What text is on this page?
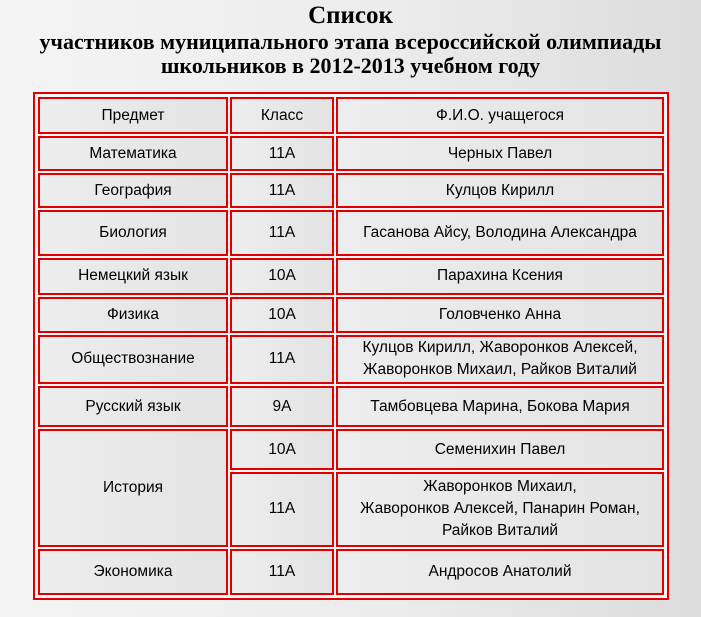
Список
участников муниципального этапа всероссийской олимпиады
школьников в 2012-2013 учебном году
Предмет	Класс	Ф.И.О. учащегося
Математика	11А	Черных Павел
География	11А	Кулцов Кирилл
Биология	11А	Гасанова Айсу, Володина Александра
Немецкий язык	10А	Парахина Ксения
Физика	10А	Головченко Анна
Обществознание	11А	Кулцов Кирилл, Жаворонков Алексей,
Жаворонков Михаил, Райков Виталий

Русский язык	9А	Тамбовцева Марина, Бокова Мария
История	10А	Семенихин Павел
	11А	Жаворонков Михаил,
Жаворонков Алексей, Панарин Роман,
Райков Виталий

Экономика	11А	Андросов Анатолий
